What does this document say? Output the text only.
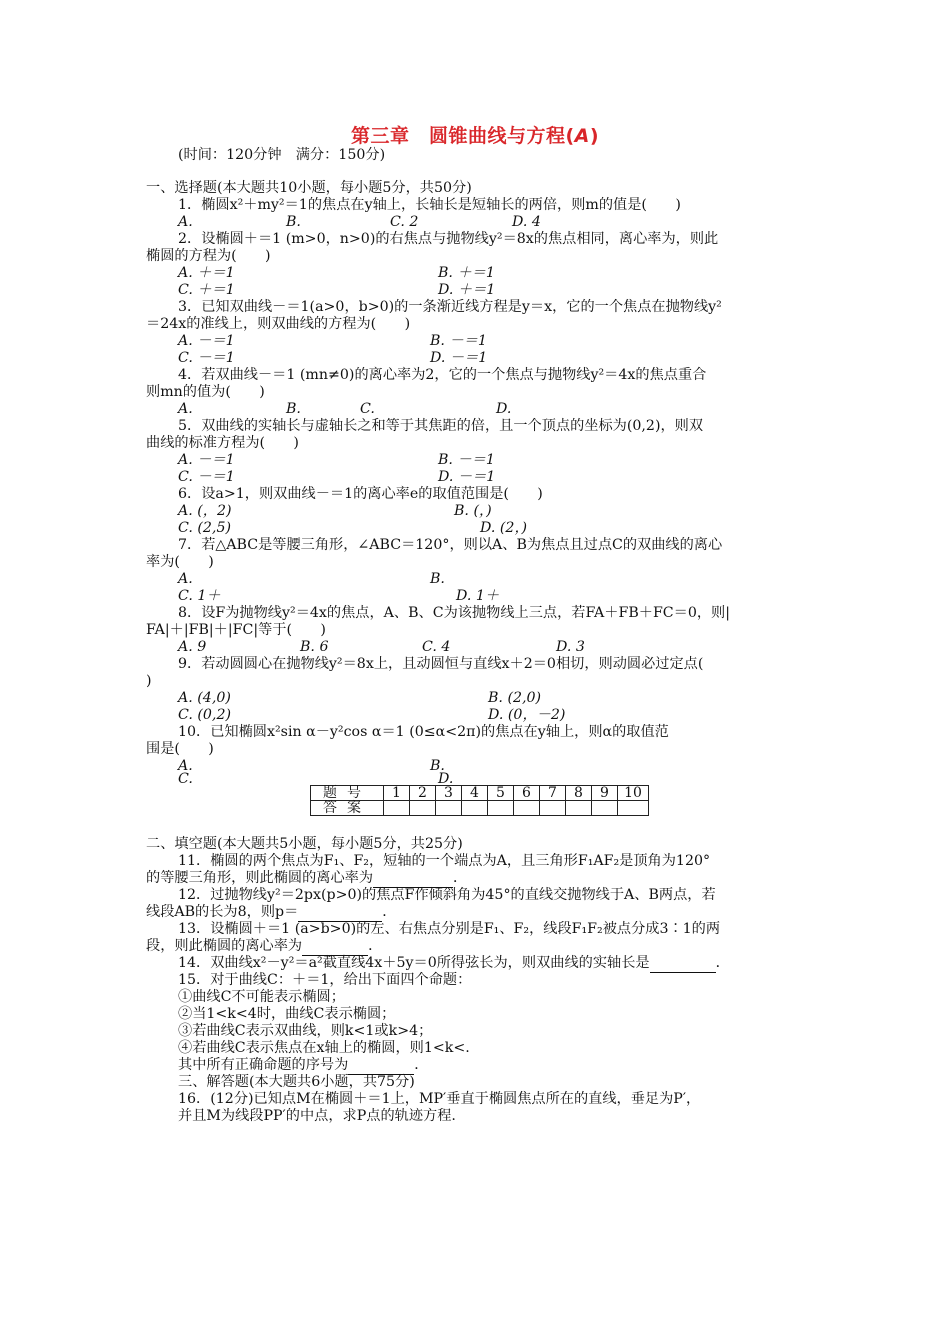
第三章　圆锥曲线与方程(A)
(时间：120分钟　满分：150分)
一、选择题(本大题共10小题，每小题5分，共50分)
1．椭圆x²＋my²＝1的焦点在y轴上，长轴长是短轴长的两倍，则m的值是(　　)
A.	B.	C. 2	D. 4
2．设椭圆＋＝1 (m>0，n>0)的右焦点与抛物线y²＝8x的焦点相同，离心率为，则此
椭圆的方程为(　　)
A. ＋＝1	B. ＋＝1
C. ＋＝1	D. ＋＝1
3．已知双曲线－＝1(a>0，b>0)的一条渐近线方程是y＝x，它的一个焦点在抛物线y²
＝24x的准线上，则双曲线的方程为(　　)
A. －＝1	B. －＝1
C. －＝1	D. －＝1
4．若双曲线－＝1 (mn≠0)的离心率为2，它的一个焦点与抛物线y²＝4x的焦点重合
则mn的值为(　　)
A.	B.	C.	D.
5．双曲线的实轴长与虚轴长之和等于其焦距的倍，且一个顶点的坐标为(0,2)，则双
曲线的标准方程为(　　)
A. －＝1	B. －＝1
C. －＝1	D. －＝1
6．设a>1，则双曲线－＝1的离心率e的取值范围是(　　)
A. (，2)	B. (，)
C. (2,5)	D. (2，)
7．若△ABC是等腰三角形，∠ABC＝120°，则以A、B为焦点且过点C的双曲线的离心
率为(　　)
A.	B.
C. 1＋	D. 1＋
8．设F为抛物线y²＝4x的焦点，A、B、C为该抛物线上三点，若FA＋FB＋FC＝0，则|
FA|＋|FB|＋|FC|等于(　　)
A. 9	B. 6	C. 4	D. 3
9．若动圆圆心在抛物线y²＝8x上，且动圆恒与直线x＋2＝0相切，则动圆必过定点(
)
A. (4,0)	B. (2,0)
C. (0,2)	D. (0，－2)
10．已知椭圆x²sin α－y²cos α＝1 (0≤α<2π)的焦点在y轴上，则α的取值范
围是(　　)
A.	B.
C.	D.
题号	1	2	3	4	5	6	7	8	9	10
答案										
二、填空题(本大题共5小题，每小题5分，共25分)
11．椭圆的两个焦点为F₁、F₂，短轴的一个端点为A，且三角形F₁AF₂是顶角为120°
的等腰三角形，则此椭圆的离心率为	．
12．过抛物线y²＝2px(p>0)的焦点F作倾斜角为45°的直线交抛物线于A、B两点，若
线段AB的长为8，则p＝	．
13．设椭圆＋＝1 (a>b>0)的左、右焦点分别是F₁、F₂，线段F₁F₂被点分成3∶1的两
段，则此椭圆的离心率为	．
14．双曲线x²－y²＝a²截直线4x＋5y＝0所得弦长为，则双曲线的实轴长是	．
15．对于曲线C：＋＝1，给出下面四个命题：
①曲线C不可能表示椭圆；
②当1<k<4时，曲线C表示椭圆；
③若曲线C表示双曲线，则k<1或k>4；
④若曲线C表示焦点在x轴上的椭圆，则1<k<.
其中所有正确命题的序号为	．
三、解答题(本大题共6小题，共75分)
16．(12分)已知点M在椭圆＋＝1上，MP′垂直于椭圆焦点所在的直线，垂足为P′，
并且M为线段PP′的中点，求P点的轨迹方程.
